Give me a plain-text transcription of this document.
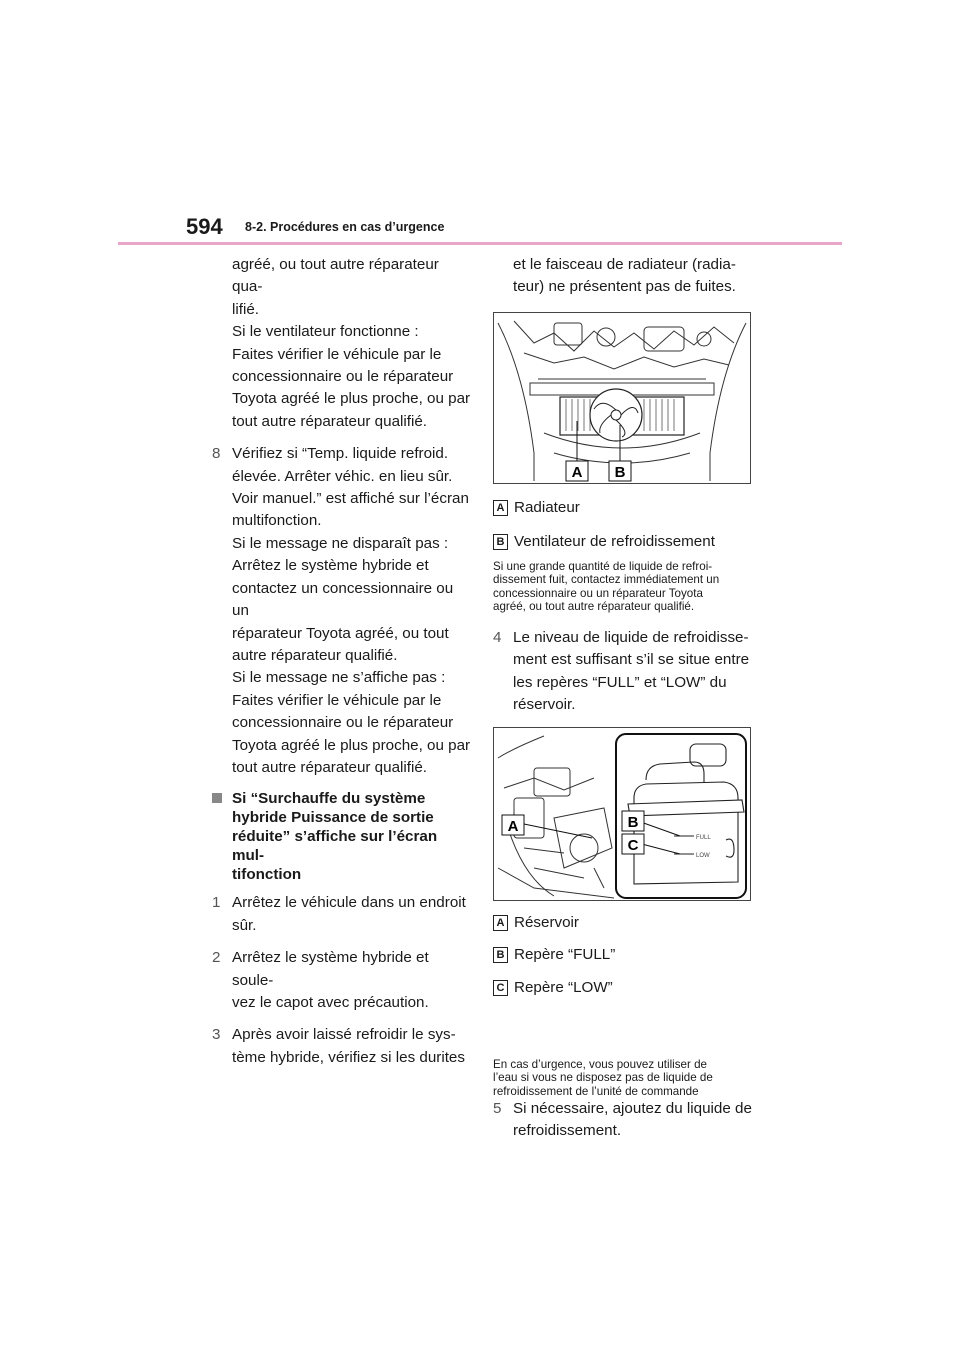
594 8-2. Procédures en cas d’urgence

agréé, ou tout autre réparateur qua-

lifié.

Si le ventilateur fonctionne :

Faites vérifier le véhicule par le

concessionnaire ou le réparateur

Toyota agréé le plus proche, ou par

tout autre réparateur qualifié.

8 Vérifiez si “Temp. liquide refroid.

élevée. Arrêter véhic. en lieu sûr.

Voir manuel.” est affiché sur l’écran

multifonction.

Si le message ne disparaît pas :

Arrêtez le système hybride et

contactez un concessionnaire ou un

réparateur Toyota agréé, ou tout

autre réparateur qualifié.

Si le message ne s’affiche pas :

Faites vérifier le véhicule par le

concessionnaire ou le réparateur

Toyota agréé le plus proche, ou par

tout autre réparateur qualifié.

Si “Surchauffe du système

hybride Puissance de sortie

réduite” s’affiche sur l’écran mul-

tifonction

1 Arrêtez le véhicule dans un endroit

sûr.

2 Arrêtez le système hybride et soule-

vez le capot avec précaution.

3 Après avoir laissé refroidir le sys-

tème hybride, vérifiez si les durites

et le faisceau de radiateur (radia-

teur) ne présentent pas de fuites.

A B
A Radiateur
B Ventilateur de refroidissement

Si une grande quantité de liquide de refroi-

dissement fuit, contactez immédiatement un

concessionnaire ou un réparateur Toyota

agréé, ou tout autre réparateur qualifié.

4 Le niveau de liquide de refroidisse-

ment est suffisant s’il se situe entre

les repères “FULL” et “LOW” du

réservoir.

FULL
LOW
A	B
C
A Réservoir
B Repère “FULL”
C Repère “LOW”
5 Si nécessaire, ajoutez du liquide de

refroidissement.

En cas d’urgence, vous pouvez utiliser de

l’eau si vous ne disposez pas de liquide de

refroidissement de l’unité de commande
